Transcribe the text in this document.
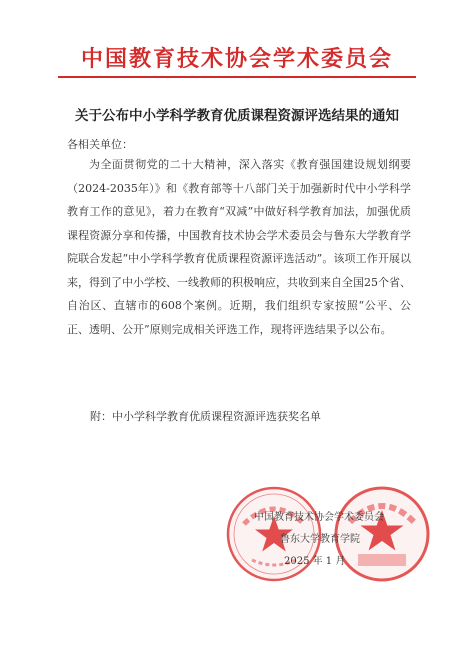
中国教育技术协会学术委员会
关于公布中小学科学教育优质课程资源评选结果的通知
各相关单位：

为全面贯彻党的二十大精神，深入落实《教育强国建设规划纲要（2024-2035年）》和《教育部等十八部门关于加强新时代中小学科学教育工作的意见》，着力在教育“双减”中做好科学教育加法，加强优质课程资源分享和传播，中国教育技术协会学术委员会与鲁东大学教育学院联合发起“中小学科学教育优质课程资源评选活动”。该项工作开展以来，得到了中小学校、一线教师的积极响应，共收到来自全国25个省、自治区、直辖市的608个案例。近期，我们组织专家按照“公平、公正、透明、公开”原则完成相关评选工作，现将评选结果予以公布。

附：中小学科学教育优质课程资源评选获奖名单
中国教育技术协会学术委员会
鲁东大学教育学院
2025 年 1 月
